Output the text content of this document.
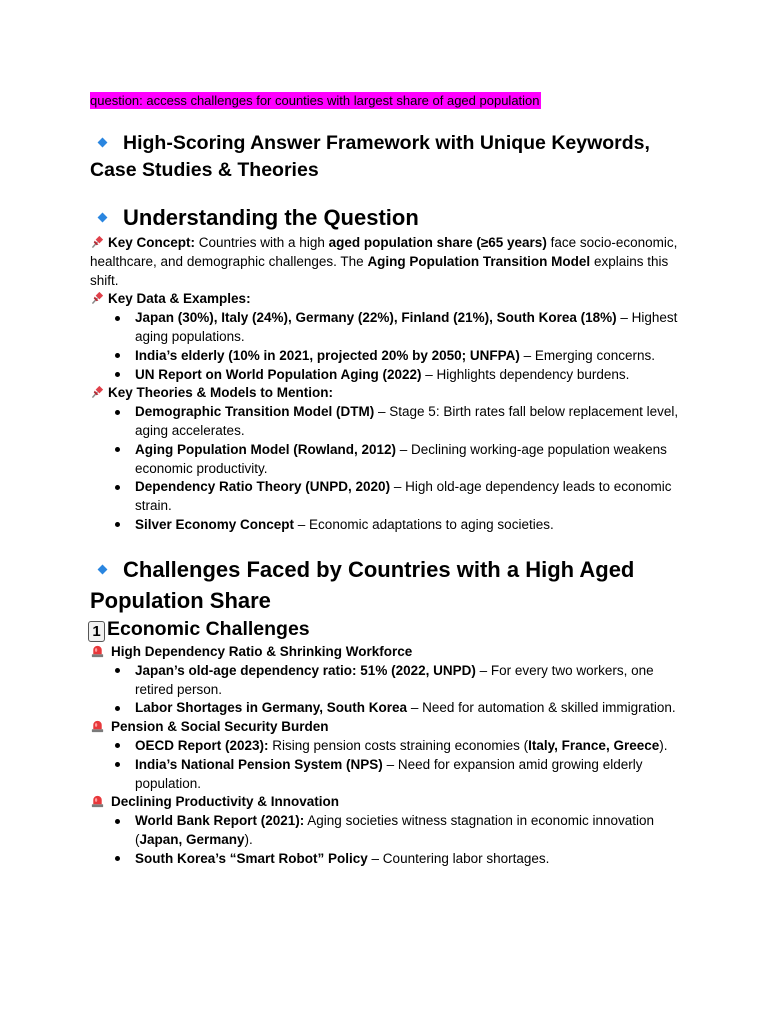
question: access challenges for counties with largest share of aged population
High-Scoring Answer Framework with Unique Keywords, Case Studies & Theories
Understanding the Question

Key Concept: Countries with a high aged population share (≥65 years) face socio-economic, healthcare, and demographic challenges. The Aging Population Transition Model explains this shift.

Key Data & Examples:

Japan (30%), Italy (24%), Germany (22%), Finland (21%), South Korea (18%) – Highest aging populations.
India’s elderly (10% in 2021, projected 20% by 2050; UNFPA) – Emerging concerns.
UN Report on World Population Aging (2022) – Highlights dependency burdens.

Key Theories & Models to Mention:

Demographic Transition Model (DTM) – Stage 5: Birth rates fall below replacement level, aging accelerates.
Aging Population Model (Rowland, 2012) – Declining working-age population weakens economic productivity.
Dependency Ratio Theory (UNPD, 2020) – High old-age dependency leads to economic strain.
Silver Economy Concept – Economic adaptations to aging societies.
Challenges Faced by Countries with a High Aged Population Share
1 Economic Challenges

High Dependency Ratio & Shrinking Workforce

Japan’s old-age dependency ratio: 51% (2022, UNPD) – For every two workers, one retired person.
Labor Shortages in Germany, South Korea – Need for automation & skilled immigration.

Pension & Social Security Burden

OECD Report (2023): Rising pension costs straining economies (Italy, France, Greece).
India’s National Pension System (NPS) – Need for expansion amid growing elderly population.

Declining Productivity & Innovation

World Bank Report (2021): Aging societies witness stagnation in economic innovation (Japan, Germany).
South Korea’s “Smart Robot” Policy – Countering labor shortages.
